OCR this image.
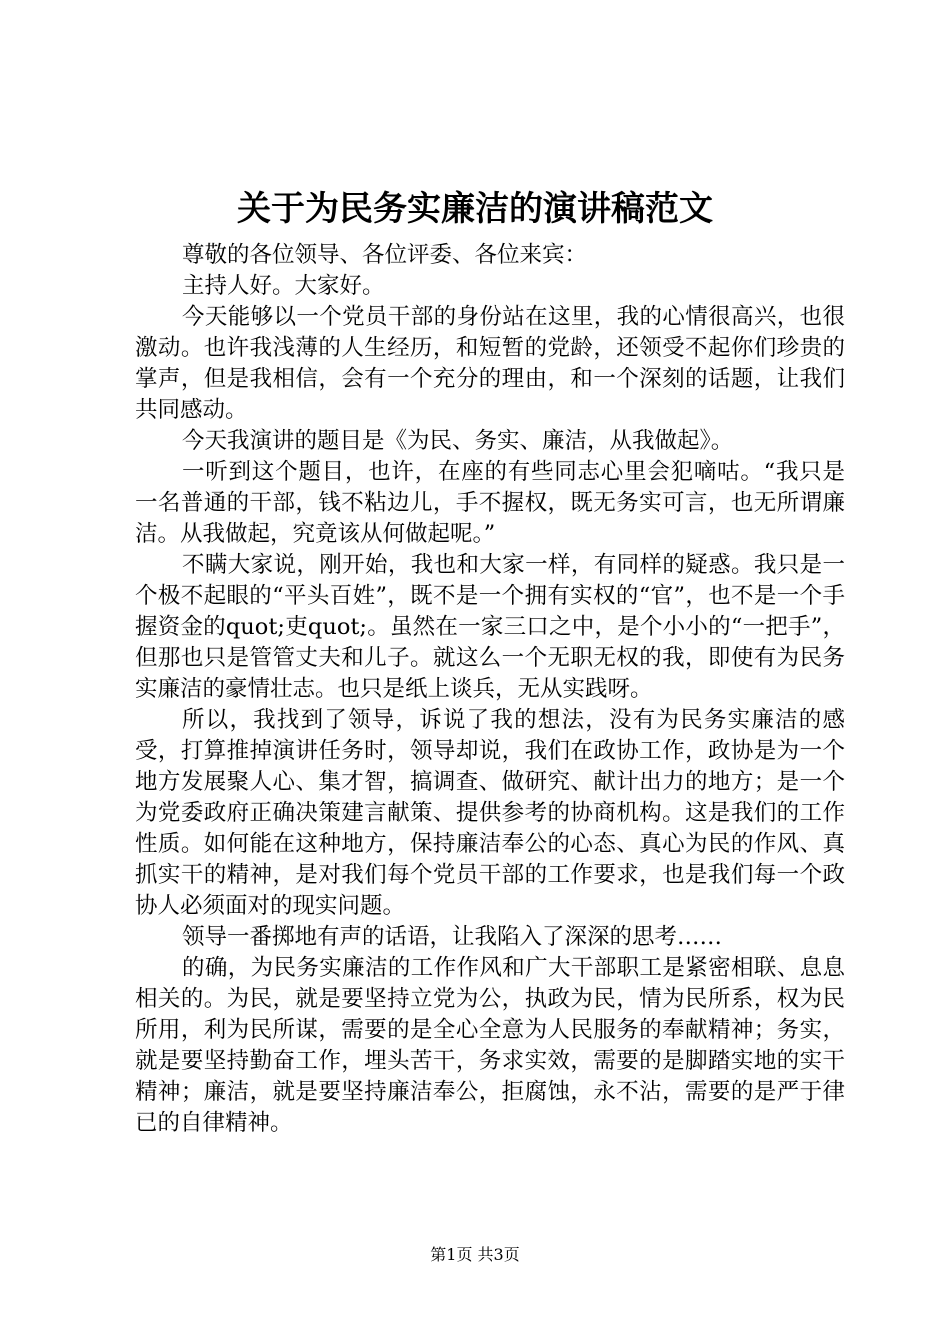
关于为民务实廉洁的演讲稿范文

尊敬的各位领导、各位评委、各位来宾：

主持人好。大家好。

今天能够以一个党员干部的身份站在这里，我的心情很高兴，也很激动。也许我浅薄的人生经历，和短暂的党龄，还领受不起你们珍贵的掌声，但是我相信，会有一个充分的理由，和一个深刻的话题，让我们共同感动。

今天我演讲的题目是《为民、务实、廉洁，从我做起》。

一听到这个题目，也许，在座的有些同志心里会犯嘀咕。“我只是一名普通的干部，钱不粘边儿，手不握权，既无务实可言，也无所谓廉洁。从我做起，究竟该从何做起呢。”

不瞒大家说，刚开始，我也和大家一样，有同样的疑惑。我只是一个极不起眼的“平头百姓”，既不是一个拥有实权的“官”，也不是一个手握资金的quot;吏quot;。虽然在一家三口之中，是个小小的“一把手”，但那也只是管管丈夫和儿子。就这么一个无职无权的我，即使有为民务实廉洁的豪情壮志。也只是纸上谈兵，无从实践呀。

所以，我找到了领导，诉说了我的想法，没有为民务实廉洁的感受，打算推掉演讲任务时，领导却说，我们在政协工作，政协是为一个地方发展聚人心、集才智，搞调查、做研究、献计出力的地方；是一个为党委政府正确决策建言献策、提供参考的协商机构。这是我们的工作性质。如何能在这种地方，保持廉洁奉公的心态、真心为民的作风、真抓实干的精神，是对我们每个党员干部的工作要求，也是我们每一个政协人必须面对的现实问题。

领导一番掷地有声的话语，让我陷入了深深的思考……

的确，为民务实廉洁的工作作风和广大干部职工是紧密相联、息息相关的。为民，就是要坚持立党为公，执政为民，情为民所系，权为民所用，利为民所谋，需要的是全心全意为人民服务的奉献精神；务实，就是要坚持勤奋工作，埋头苦干，务求实效，需要的是脚踏实地的实干精神；廉洁，就是要坚持廉洁奉公，拒腐蚀，永不沾，需要的是严于律已的自律精神。

第1页 共3页
